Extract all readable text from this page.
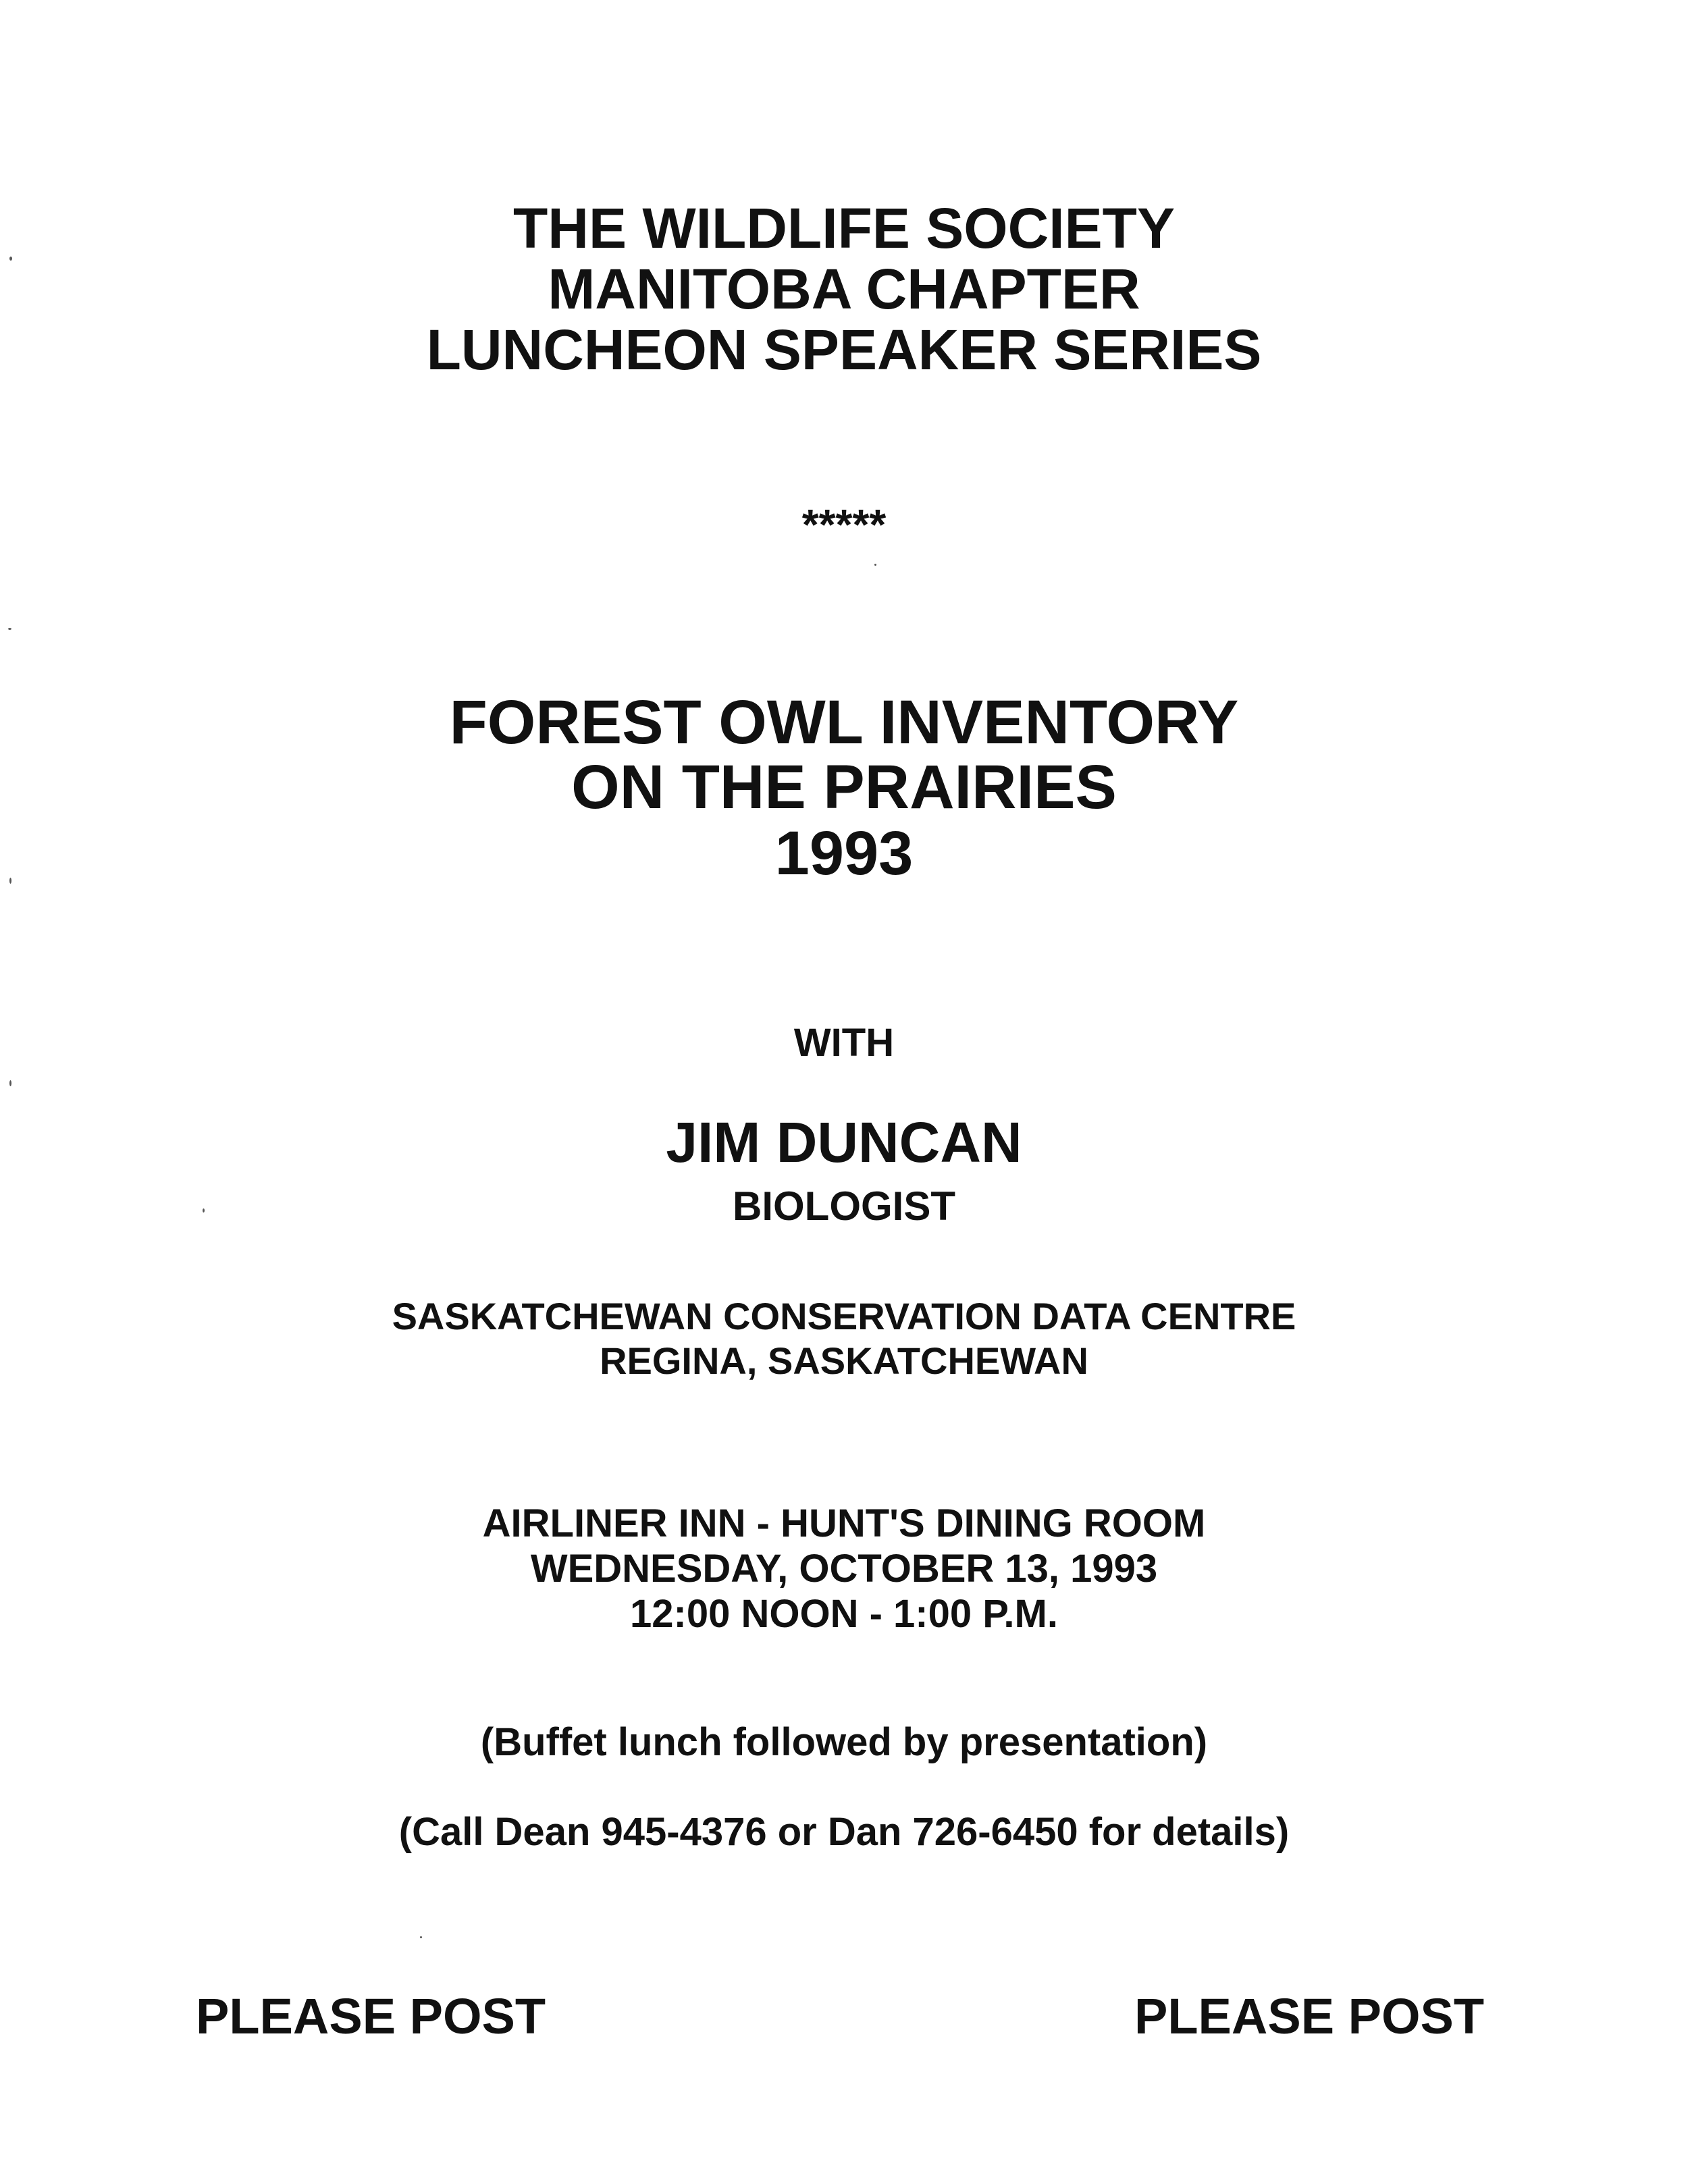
THE WILDLIFE SOCIETY
MANITOBA CHAPTER
LUNCHEON SPEAKER SERIES
*****
FOREST OWL INVENTORY
ON THE PRAIRIES
1993
WITH
JIM DUNCAN
BIOLOGIST
SASKATCHEWAN CONSERVATION DATA CENTRE
REGINA, SASKATCHEWAN
AIRLINER INN - HUNT'S DINING ROOM
WEDNESDAY, OCTOBER 13, 1993
12:00 NOON - 1:00 P.M.
(Buffet lunch followed by presentation)
(Call Dean 945-4376 or Dan 726-6450 for details)
PLEASE POST	PLEASE POST
